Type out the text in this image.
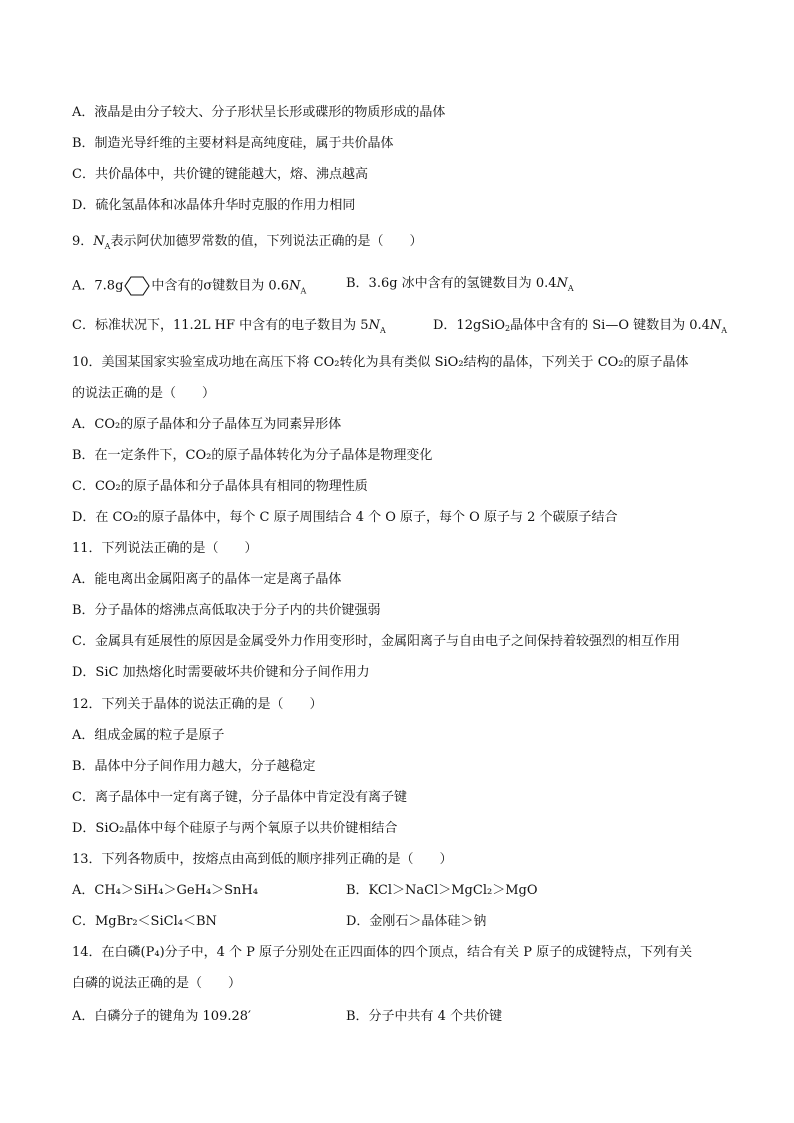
A．液晶是由分子较大、分子形状呈长形或碟形的物质形成的晶体
B．制造光导纤维的主要材料是高纯度硅，属于共价晶体
C．共价晶体中，共价键的键能越大，熔、沸点越高
D．硫化氢晶体和冰晶体升华时克服的作用力相同
9．$N_A$表示阿伏加德罗常数的值，下列说法正确的是（　　）
A．7.8g 中含有的σ键数目为 $0.6N_A$	B．3.6g 冰中含有的氢键数目为 $0.4N_A$
C．标准状况下，11.2L HF 中含有的电子数目为 $5N_A$	D．12gSiO$_2$晶体中含有的 Si—O 键数目为 $0.4N_A$
10．美国某国家实验室成功地在高压下将 CO₂转化为具有类似 SiO₂结构的晶体，下列关于 CO₂的原子晶体
的说法正确的是（　　）
A．CO₂的原子晶体和分子晶体互为同素异形体
B．在一定条件下，CO₂的原子晶体转化为分子晶体是物理变化
C．CO₂的原子晶体和分子晶体具有相同的物理性质
D．在 CO₂的原子晶体中，每个 C 原子周围结合 4 个 O 原子，每个 O 原子与 2 个碳原子结合
11．下列说法正确的是（　　）
A．能电离出金属阳离子的晶体一定是离子晶体
B．分子晶体的熔沸点高低取决于分子内的共价键强弱
C．金属具有延展性的原因是金属受外力作用变形时，金属阳离子与自由电子之间保持着较强烈的相互作用
D．SiC 加热熔化时需要破坏共价键和分子间作用力
12．下列关于晶体的说法正确的是（　　）
A．组成金属的粒子是原子
B．晶体中分子间作用力越大，分子越稳定
C．离子晶体中一定有离子键，分子晶体中肯定没有离子键
D．SiO₂晶体中每个硅原子与两个氧原子以共价键相结合
13．下列各物质中，按熔点由高到低的顺序排列正确的是（　　）
A．CH₄＞SiH₄＞GeH₄＞SnH₄	B．KCl＞NaCl＞MgCl₂＞MgO
C．MgBr₂＜SiCl₄＜BN	D．金刚石＞晶体硅＞钠
14．在白磷(P₄)分子中，4 个 P 原子分别处在正四面体的四个顶点，结合有关 P 原子的成键特点，下列有关
白磷的说法正确的是（　　）
A．白磷分子的键角为 109.28′	B．分子中共有 4 个共价键
